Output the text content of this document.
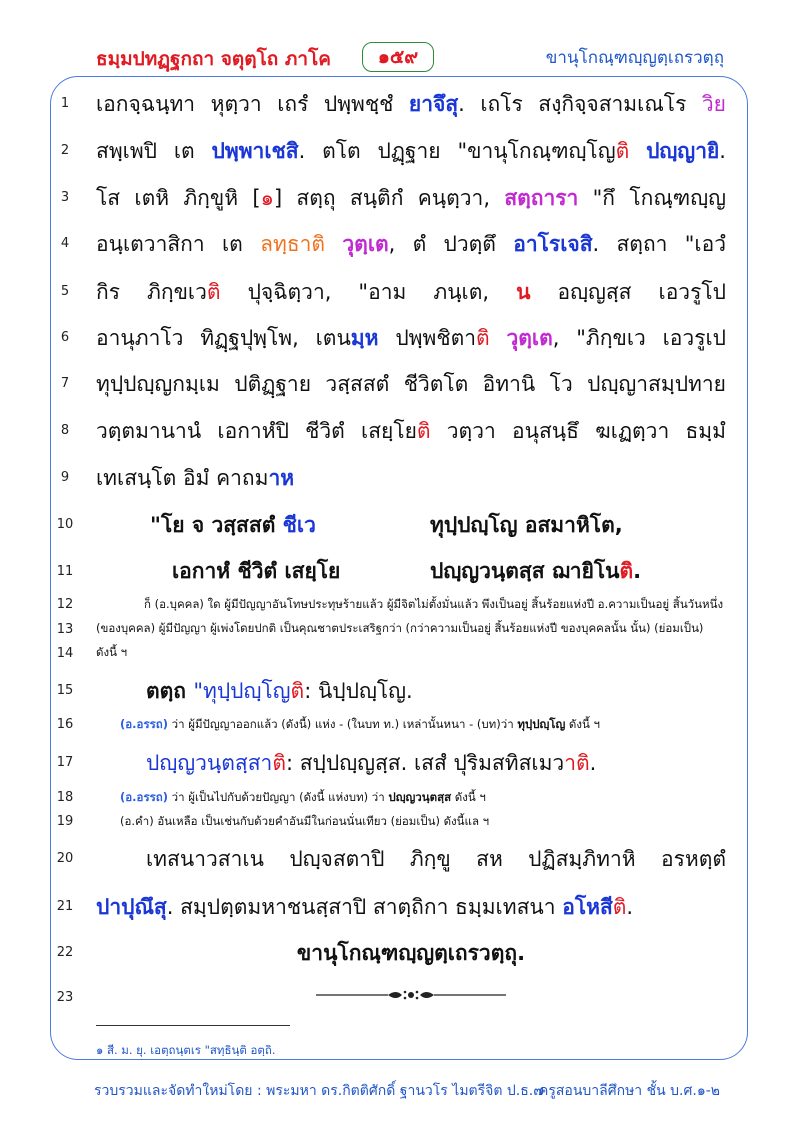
ธมฺมปทฏฺฐกถา จตุตฺโถ ภาโค	๑๕๙	ขานุโกณฺฑญฺญตฺเถรวตฺถุ
1
2
3
4
5
6
7
8
9
10
11
12
13
14
15
16
17
18
19
20
21
22
23
เอกจฺฉนฺทา หุตฺวา เถรํ ปพฺพชฺชํ ยาจึสุ. เถโร สงฺกิจฺจสามเณโร วิย
สพฺเพปิ เต ปพฺพาเชสิ. ตโต ปฏฺฐาย "ขานุโกณฺฑญฺโญติ ปญฺญายิ.
โส เตหิ ภิกฺขูหิ [๑] สตฺถุ สนฺติกํ คนฺตฺวา, สตฺถารา "กึ โกณฺฑญฺญ
อนฺเตวาสิกา เต ลทฺธาติ วุตฺเต, ตํ ปวตฺตึ อาโรเจสิ. สตฺถา "เอวํ
กิร ภิกฺขเวติ ปุจฺฉิตฺวา, "อาม ภนฺเต, น อญฺญสฺส เอวรูโป
อานุภาโว ทิฏฺฐปุพฺโพ, เตนมฺห ปพฺพชิตาติ วุตฺเต, "ภิกฺขเว เอวรูเป
ทุปฺปญฺญกมฺเม ปติฏฺฐาย วสฺสสตํ ชีวิตโต อิทานิ โว ปญฺญาสมฺปทาย
วตฺตมานานํ เอกาหํปิ ชีวิตํ เสยฺโยติ วตฺวา อนุสนฺธึ ฆเฏตฺวา ธมฺมํ
เทเสนฺโต อิมํ คาถมาห
"โย จ วสฺสสตํ ชีเว	ทุปฺปญฺโญ อสมาหิโต,
เอกาหํ ชีวิตํ เสยฺโย	ปญฺญวนฺตสฺส ฌายิโนติ.
ก็ (อ.บุคคล) ใด ผู้มีปัญญาอันโทษประทุษร้ายแล้ว ผู้มีจิตไม่ตั้งมั่นแล้ว พึงเป็นอยู่ สิ้นร้อยแห่งปี อ.ความเป็นอยู่ สิ้นวันหนึ่ง
(ของบุคคล) ผู้มีปัญญา ผู้เพ่งโดยปกติ เป็นคุณชาตประเสริฐกว่า (กว่าความเป็นอยู่ สิ้นร้อยแห่งปี ของบุคคลนั้น นั้น) (ย่อมเป็น)
ดังนี้ ฯ
ตตฺถ "ทุปฺปญฺโญติ: นิปฺปญฺโญ.
(อ.อรรถ) ว่า ผู้มีปัญญาออกแล้ว (ดังนี้) แห่ง - (ในบท ท.) เหล่านั้นหนา - (บท)ว่า ทุปฺปญฺโญ ดังนี้ ฯ
ปญฺญวนฺตสฺสาติ: สปฺปญฺญสฺส. เสสํ ปุริมสทิสเมวาติ.
(อ.อรรถ) ว่า ผู้เป็นไปกับด้วยปัญญา (ดังนี้ แห่งบท) ว่า ปญฺญวนฺตสฺส ดังนี้ ฯ
(อ.คำ) อันเหลือ เป็นเช่นกับด้วยคำอันมีในก่อนนั่นเทียว (ย่อมเป็น) ดังนี้แล ฯ
เทสนาวสาเน ปญฺจสตาปิ ภิกฺขู สห ปฏิสมฺภิทาหิ อรหตฺตํ
ปาปุณึสุ. สมฺปตฺตมหาชนสฺสาปิ สาตฺถิกา ธมฺมเทสนา อโหสีติ.
ขานุโกณฺฑญฺญตฺเถรวตฺถุ.
๑ สี. ม. ยุ. เอตฺถนฺตเร "สทฺธินฺติ อตฺถิ.
รวบรวมและจัดทำใหม่โดย : พระมหา ดร.กิตติศักดิ์ ฐานวโร ไมตรีจิต ป.ธ.๗
ครูสอนบาลีศึกษา ชั้น บ.ศ.๑-๒
